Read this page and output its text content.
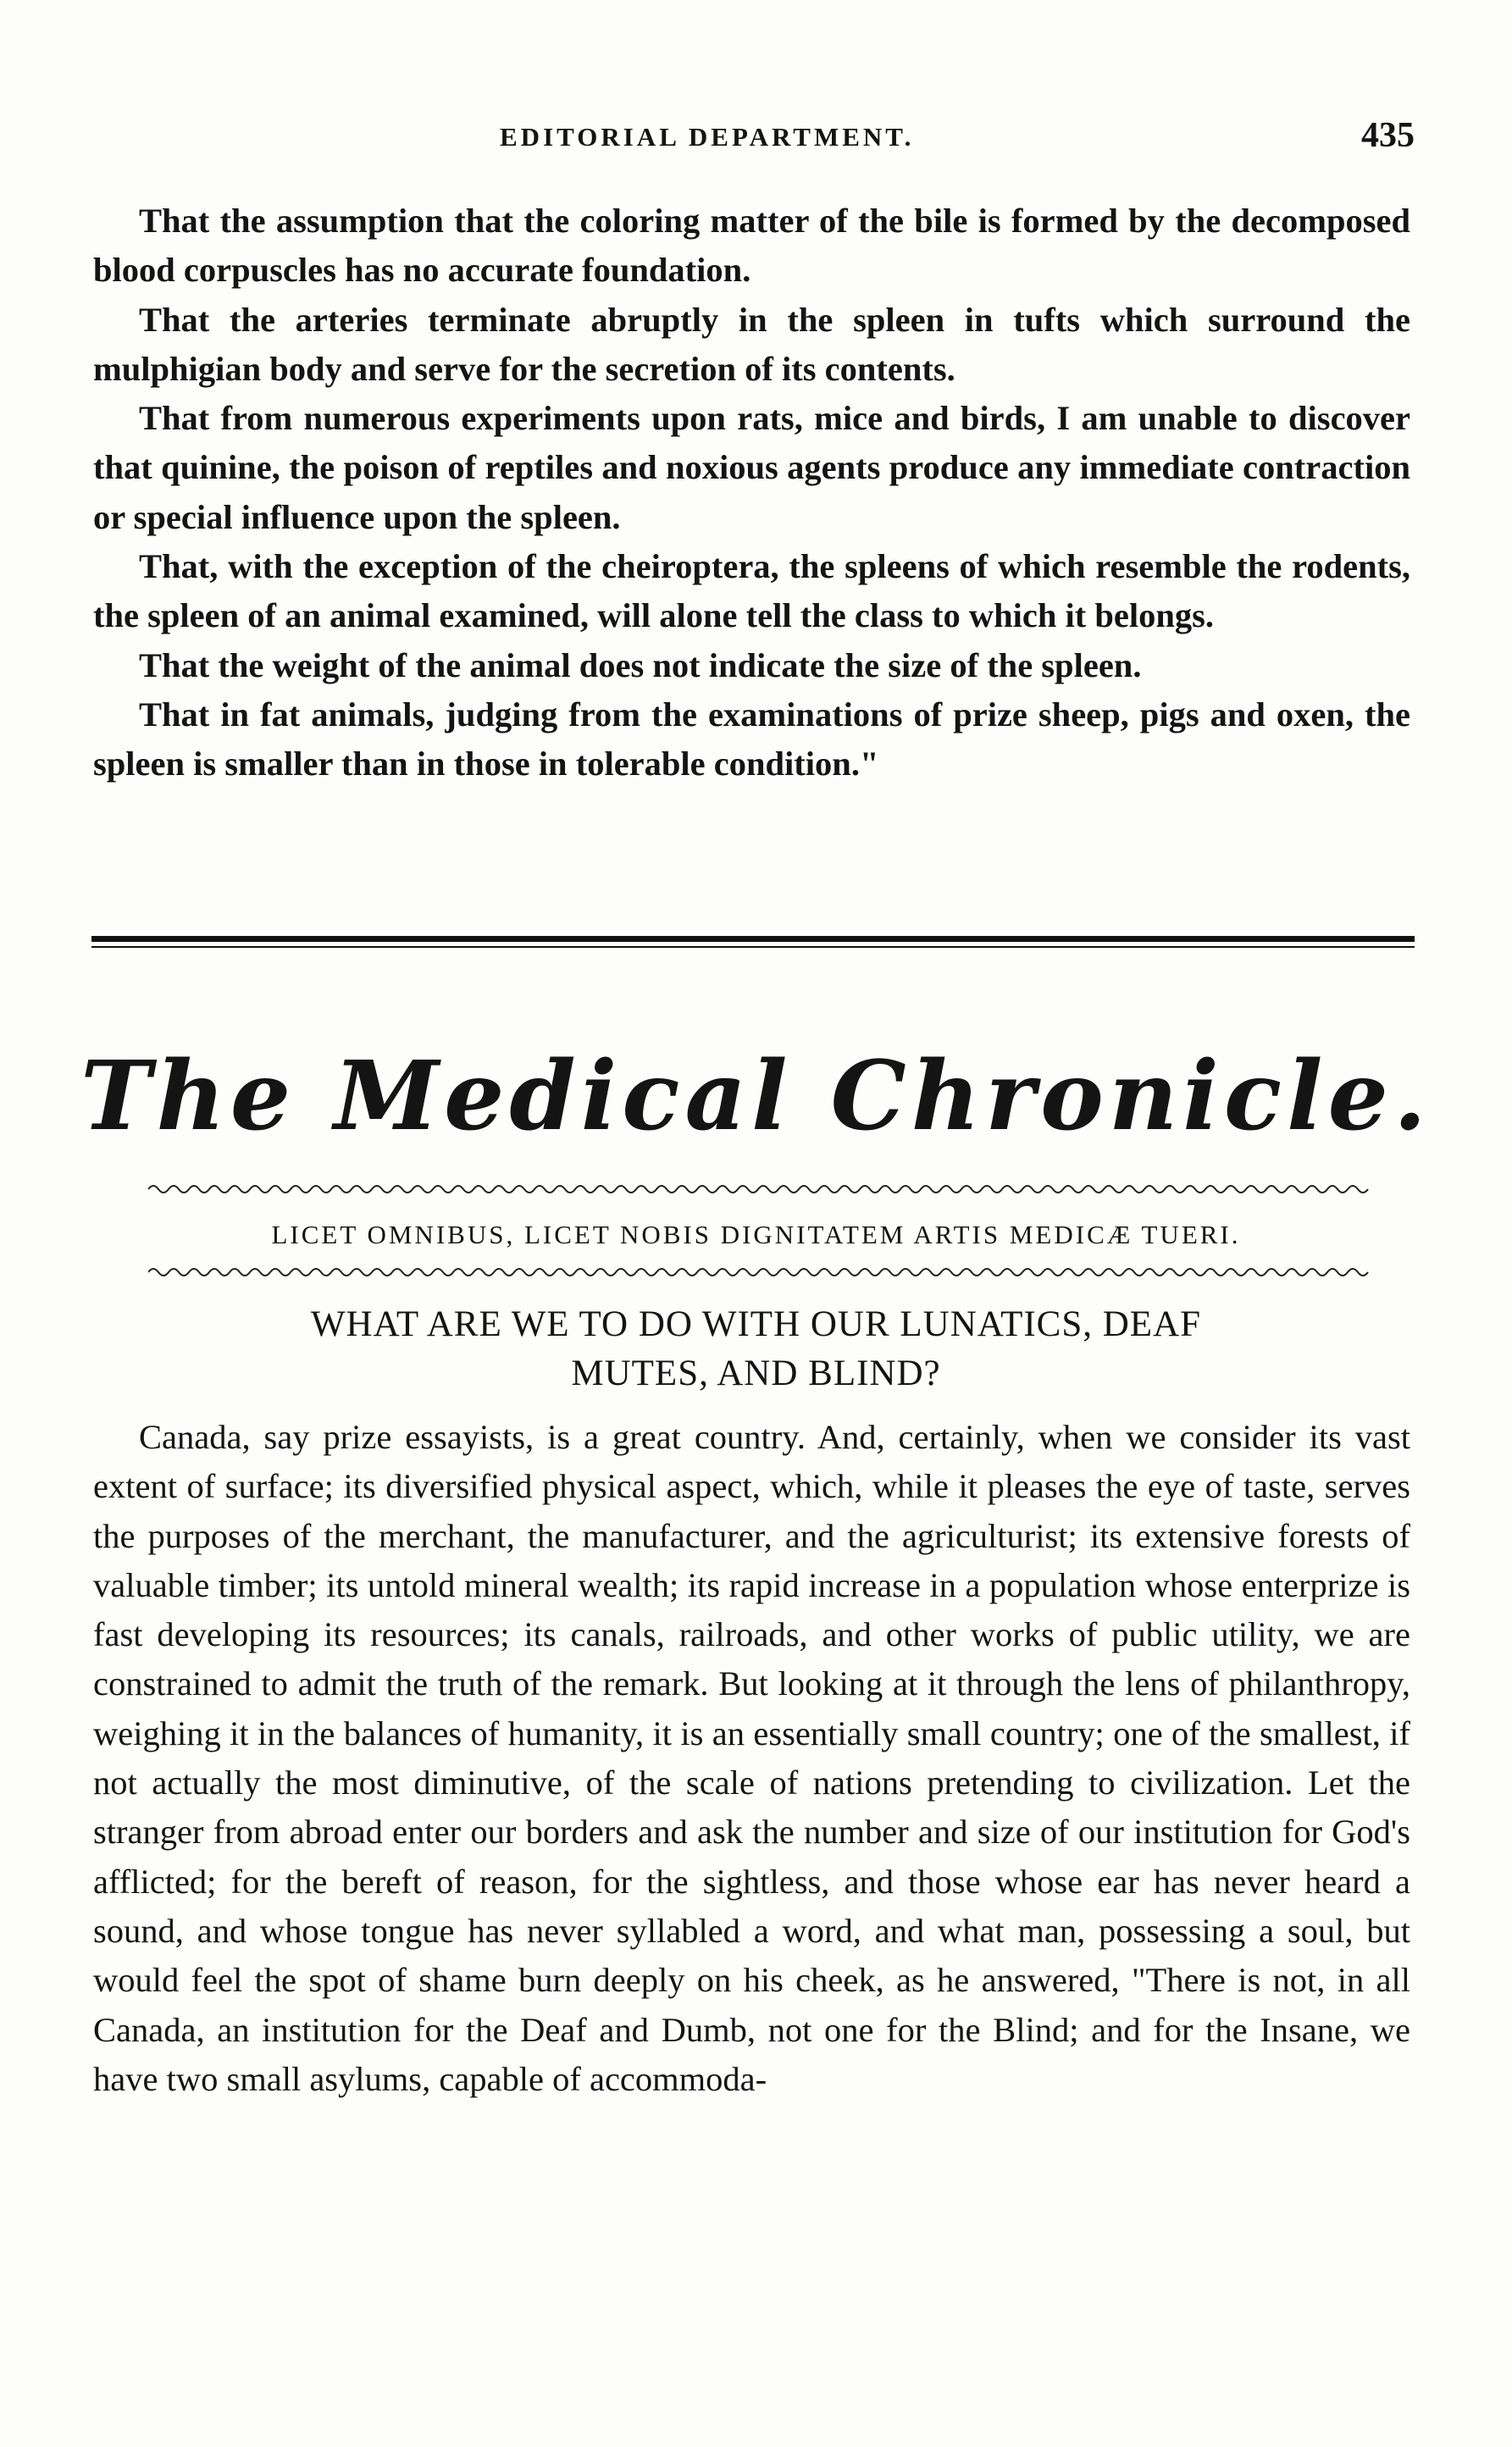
EDITORIAL DEPARTMENT.	435

That the assumption that the coloring matter of the bile is formed by the decomposed blood corpuscles has no accurate foundation.

That the arteries terminate abruptly in the spleen in tufts which surround the mulphigian body and serve for the secretion of its contents.

That from numerous experiments upon rats, mice and birds, I am unable to discover that quinine, the poison of reptiles and noxious agents produce any immediate contraction or special influence upon the spleen.

That, with the exception of the cheiroptera, the spleens of which resemble the rodents, the spleen of an animal examined, will alone tell the class to which it belongs.

That the weight of the animal does not indicate the size of the spleen.

That in fat animals, judging from the examinations of prize sheep, pigs and oxen, the spleen is smaller than in those in tolerable condition."

The Medical Chronicle.
LICET OMNIBUS, LICET NOBIS DIGNITATEM ARTIS MEDICÆ TUERI.
WHAT ARE WE TO DO WITH OUR LUNATICS, DEAF
MUTES, AND BLIND?

Canada, say prize essayists, is a great country. And, certainly, when we consider its vast extent of surface; its diversified physical aspect, which, while it pleases the eye of taste, serves the purposes of the merchant, the manufacturer, and the agriculturist; its extensive forests of valuable timber; its untold mineral wealth; its rapid increase in a population whose enterprize is fast developing its resources; its canals, railroads, and other works of public utility, we are constrained to admit the truth of the remark. But looking at it through the lens of philanthropy, weighing it in the balances of humanity, it is an essentially small country; one of the smallest, if not actually the most diminutive, of the scale of nations pretending to civilization. Let the stranger from abroad enter our borders and ask the number and size of our institution for God's afflicted; for the bereft of reason, for the sightless, and those whose ear has never heard a sound, and whose tongue has never syllabled a word, and what man, possessing a soul, but would feel the spot of shame burn deeply on his cheek, as he answered, "There is not, in all Canada, an institution for the Deaf and Dumb, not one for the Blind; and for the Insane, we have two small asylums, capable of accommoda-
